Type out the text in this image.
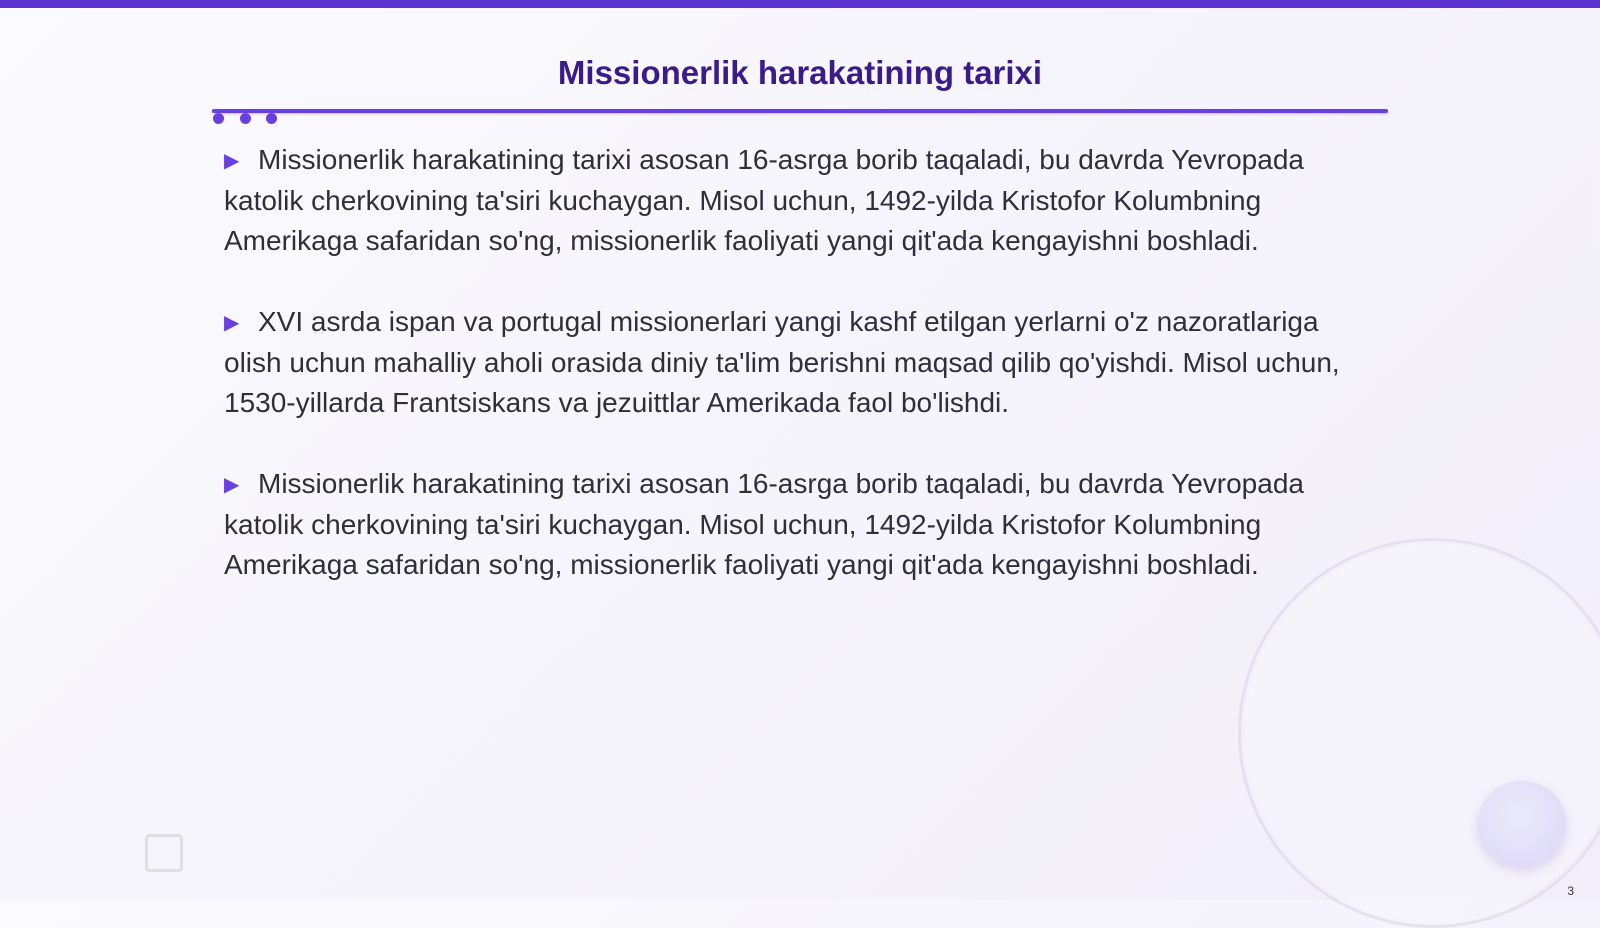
Missionerlik harakatining tarixi

▶ Missionerlik harakatining tarixi asosan 16-asrga borib taqaladi, bu davrda Yevropada katolik cherkovining ta'siri kuchaygan. Misol uchun, 1492-yilda Kristofor Kolumbning Amerikaga safaridan so'ng, missionerlik faoliyati yangi qit'ada kengayishni boshladi.

▶ XVI asrda ispan va portugal missionerlari yangi kashf etilgan yerlarni o'z nazoratlariga olish uchun mahalliy aholi orasida diniy ta'lim berishni maqsad qilib qo'yishdi. Misol uchun, 1530-yillarda Frantsiskans va jezuittlar Amerikada faol bo'lishdi.

▶ Missionerlik harakatining tarixi asosan 16-asrga borib taqaladi, bu davrda Yevropada katolik cherkovining ta'siri kuchaygan. Misol uchun, 1492-yilda Kristofor Kolumbning Amerikaga safaridan so'ng, missionerlik faoliyati yangi qit'ada kengayishni boshladi.

3
